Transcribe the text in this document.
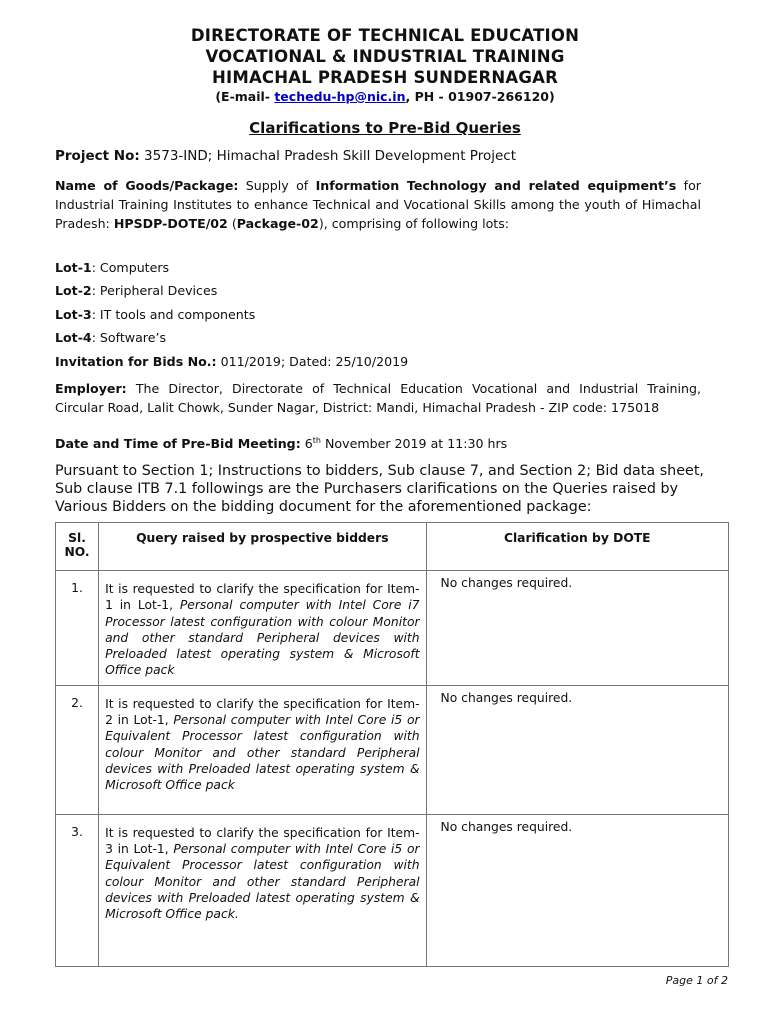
DIRECTORATE OF TECHNICAL EDUCATION
VOCATIONAL & INDUSTRIAL TRAINING
HIMACHAL PRADESH SUNDERNAGAR
(E-mail- techedu-hp@nic.in, PH - 01907-266120)
Clarifications to Pre-Bid Queries
Project No: 3573-IND; Himachal Pradesh Skill Development Project
Name of Goods/Package: Supply of Information Technology and related equipment’s for Industrial Training Institutes to enhance Technical and Vocational Skills among the youth of Himachal Pradesh: HPSDP-DOTE/02 (Package-02), comprising of following lots:
Lot-1: Computers
Lot-2: Peripheral Devices
Lot-3: IT tools and components
Lot-4: Software’s
Invitation for Bids No.: 011/2019; Dated: 25/10/2019
Employer: The Director, Directorate of Technical Education Vocational and Industrial Training, Circular Road, Lalit Chowk, Sunder Nagar, District: Mandi, Himachal Pradesh - ZIP code: 175018
Date and Time of Pre-Bid Meeting: 6th November 2019 at 11:30 hrs
Pursuant to Section 1; Instructions to bidders, Sub clause 7, and Section 2; Bid data sheet, Sub clause ITB 7.1 followings are the Purchasers clarifications on the Queries raised by Various Bidders on the bidding document for the aforementioned package:
Sl. NO.	Query raised by prospective bidders	Clarification by DOTE
1.	It is requested to clarify the specification for Item-1 in Lot-1, Personal computer with Intel Core i7 Processor latest configuration with colour Monitor and other standard Peripheral devices with Preloaded latest operating system & Microsoft Office pack	No changes required.
2.	It is requested to clarify the specification for Item-2 in Lot-1, Personal computer with Intel Core i5 or Equivalent Processor latest configuration with colour Monitor and other standard Peripheral devices with Preloaded latest operating system & Microsoft Office pack	No changes required.
3.	It is requested to clarify the specification for Item-3 in Lot-1, Personal computer with Intel Core i5 or Equivalent Processor latest configuration with colour Monitor and other standard Peripheral devices with Preloaded latest operating system & Microsoft Office pack.	No changes required.
Page 1 of 2
